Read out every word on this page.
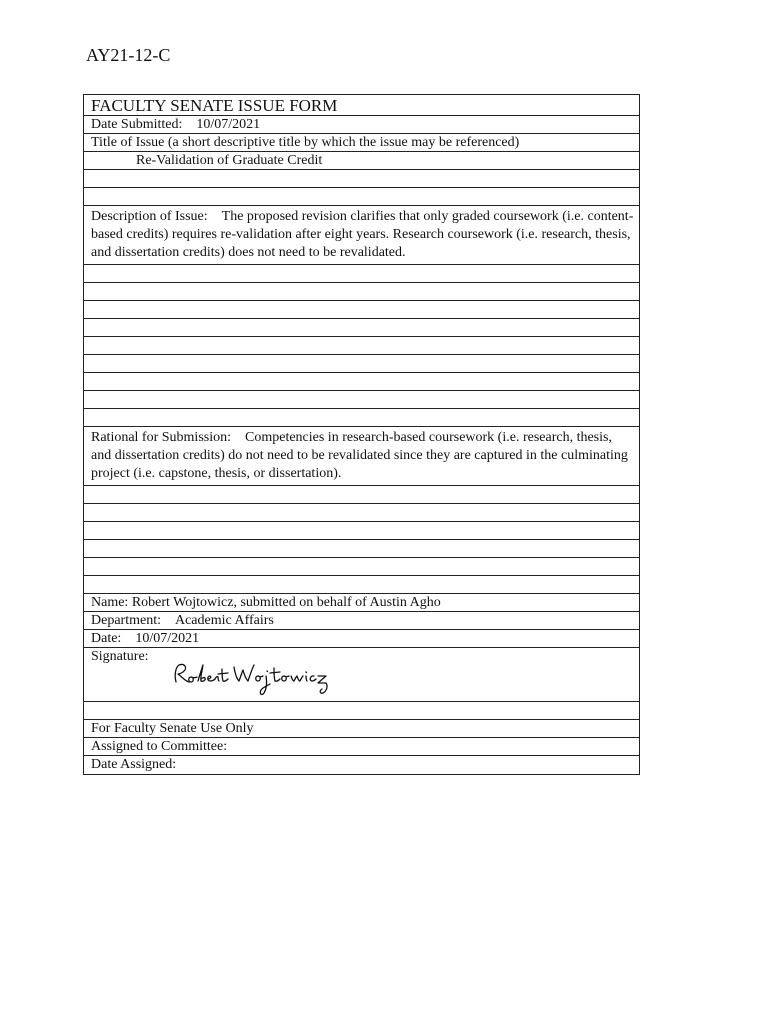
AY21-12-C
FACULTY SENATE ISSUE FORM
Date Submitted: 10/07/2021
Title of Issue (a short descriptive title by which the issue may be referenced)
Re-Validation of Graduate Credit
Description of Issue: The proposed revision clarifies that only graded coursework (i.e. content-based credits) requires re-validation after eight years. Research coursework (i.e. research, thesis, and dissertation credits) does not need to be revalidated.
Rational for Submission: Competencies in research-based coursework (i.e. research, thesis, and dissertation credits) do not need to be revalidated since they are captured in the culminating project (i.e. capstone, thesis, or dissertation).
Name: Robert Wojtowicz, submitted on behalf of Austin Agho
Department: Academic Affairs
Date: 10/07/2021
Signature:
For Faculty Senate Use Only
Assigned to Committee:
Date Assigned:
